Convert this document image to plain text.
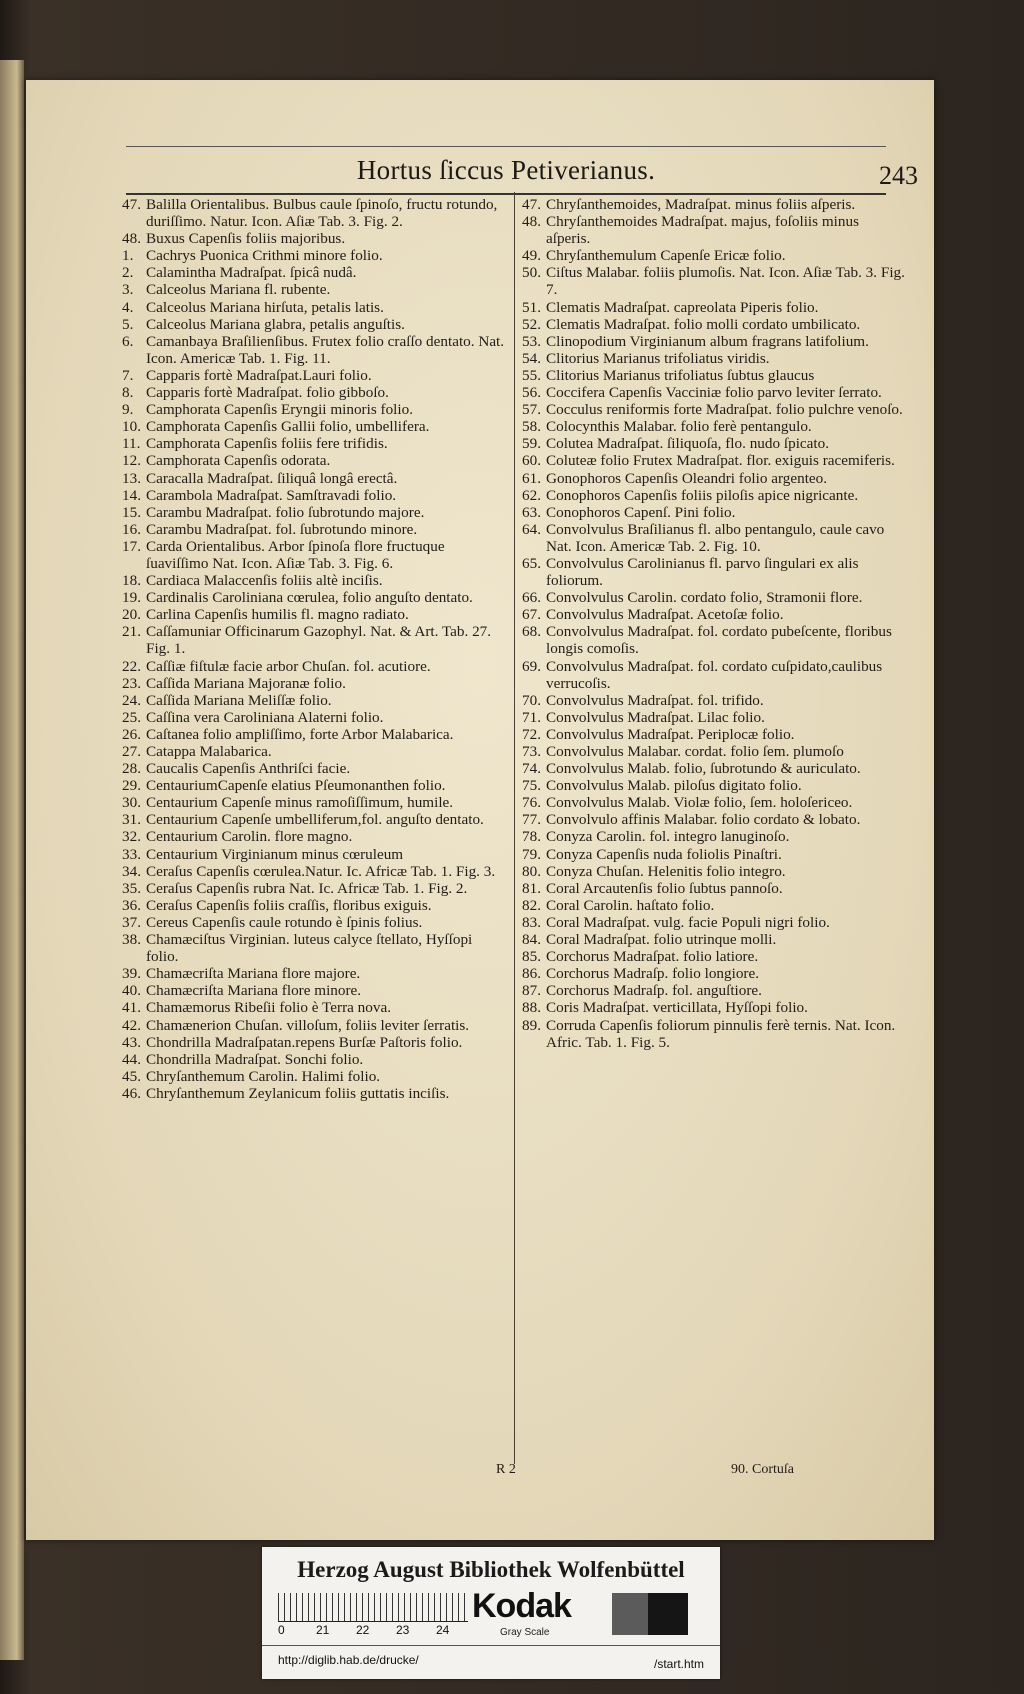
Hortus ſiccus Petiverianus.	243

47. Balilla Orientalibus. Bulbus caule ſpinoſo, fructu rotundo, duriſſimo. Natur. Icon. Aſiæ Tab. 3. Fig. 2.

48. Buxus Capenſis foliis majoribus.

1. Cachrys Puonica Crithmi minore folio.

2. Calamintha Madraſpat. ſpicâ nudâ.

3. Calceolus Mariana fl. rubente.

4. Calceolus Mariana hirſuta, petalis latis.

5. Calceolus Mariana glabra, petalis anguſtis.

6. Camanbaya Braſilienſibus. Frutex folio craſſo dentato. Nat. Icon. Americæ Tab. 1. Fig. 11.

7. Capparis fortè Madraſpat.Lauri folio.

8. Capparis fortè Madraſpat. folio gibboſo.

9. Camphorata Capenſis Eryngii minoris folio.

10. Camphorata Capenſis Gallii folio, umbellifera.

11. Camphorata Capenſis foliis fere trifidis.

12. Camphorata Capenſis odorata.

13. Caracalla Madraſpat. ſiliquâ longâ erectâ.

14. Carambola Madraſpat. Samſtravadi folio.

15. Carambu Madraſpat. folio ſubrotundo majore.

16. Carambu Madraſpat. fol. ſubrotundo minore.

17. Carda Orientalibus. Arbor ſpinoſa flore fructuque ſuaviſſimo Nat. Icon. Aſiæ Tab. 3. Fig. 6.

18. Cardiaca Malaccenſis foliis altè inciſis.

19. Cardinalis Caroliniana cœrulea, folio anguſto dentato.

20. Carlina Capenſis humilis fl. magno radiato.

21. Caſſamuniar Officinarum Gazophyl. Nat. & Art. Tab. 27. Fig. 1.

22. Caſſiæ fiſtulæ facie arbor Chuſan. fol. acutiore.

23. Caſſida Mariana Majoranæ folio.

24. Caſſida Mariana Meliſſæ folio.

25. Caſſina vera Caroliniana Alaterni folio.

26. Caſtanea folio ampliſſimo, forte Arbor Malabarica.

27. Catappa Malabarica.

28. Caucalis Capenſis Anthriſci facie.

29. CentauriumCapenſe elatius Pſeumonanthen folio.

30. Centaurium Capenſe minus ramoſiſſimum, humile.

31. Centaurium Capenſe umbelliferum,fol. anguſto dentato.

32. Centaurium Carolin. flore magno.

33. Centaurium Virginianum minus cœruleum

34. Ceraſus Capenſis cœrulea.Natur. Ic. Africæ Tab. 1. Fig. 3.

35. Ceraſus Capenſis rubra Nat. Ic. Africæ Tab. 1. Fig. 2.

36. Ceraſus Capenſis foliis craſſis, floribus exiguis.

37. Cereus Capenſis caule rotundo è ſpinis folius.

38. Chamæciſtus Virginian. luteus calyce ſtellato, Hyſſopi folio.

39. Chamæcriſta Mariana flore majore.

40. Chamæcriſta Mariana flore minore.

41. Chamæmorus Ribeſii folio è Terra nova.

42. Chamænerion Chuſan. villoſum, foliis leviter ſerratis.

43. Chondrilla Madraſpatan.repens Burſæ Paſtoris folio.

44. Chondrilla Madraſpat. Sonchi folio.

45. Chryſanthemum Carolin. Halimi folio.

46. Chryſanthemum Zeylanicum foliis guttatis inciſis.

47. Chryſanthemoides, Madraſpat. minus foliis aſperis.

48. Chryſanthemoides Madraſpat. majus, foſoliis minus aſperis.

49. Chryſanthemulum Capenſe Ericæ folio.

50. Ciſtus Malabar. foliis plumoſis. Nat. Icon. Aſiæ Tab. 3. Fig. 7.

51. Clematis Madraſpat. capreolata Piperis folio.

52. Clematis Madraſpat. folio molli cordato umbilicato.

53. Clinopodium Virginianum album fragrans latifolium.

54. Clitorius Marianus trifoliatus viridis.

55. Clitorius Marianus trifoliatus ſubtus glaucus

56. Coccifera Capenſis Vacciniæ folio parvo leviter ſerrato.

57. Cocculus reniformis forte Madraſpat. folio pulchre venoſo.

58. Colocynthis Malabar. folio ferè pentangulo.

59. Colutea Madraſpat. ſiliquoſa, flo. nudo ſpicato.

60. Coluteæ folio Frutex Madraſpat. flor. exiguis racemiferis.

61. Gonophoros Capenſis Oleandri folio argenteo.

62. Conophoros Capenſis foliis piloſis apice nigricante.

63. Conophoros Capenſ. Pini folio.

64. Convolvulus Braſilianus fl. albo pentangulo, caule cavo Nat. Icon. Americæ Tab. 2. Fig. 10.

65. Convolvulus Carolinianus fl. parvo ſingulari ex alis foliorum.

66. Convolvulus Carolin. cordato folio, Stramonii flore.

67. Convolvulus Madraſpat. Acetoſæ folio.

68. Convolvulus Madraſpat. fol. cordato pubeſcente, floribus longis comoſis.

69. Convolvulus Madraſpat. fol. cordato cuſpidato,caulibus verrucoſis.

70. Convolvulus Madraſpat. fol. trifido.

71. Convolvulus Madraſpat. Lilac folio.

72. Convolvulus Madraſpat. Periplocæ folio.

73. Convolvulus Malabar. cordat. folio ſem. plumoſo

74. Convolvulus Malab. folio, ſubrotundo & auriculato.

75. Convolvulus Malab. piloſus digitato folio.

76. Convolvulus Malab. Violæ folio, ſem. holoſericeo.

77. Convolvulo affinis Malabar. folio cordato & lobato.

78. Conyza Carolin. fol. integro lanuginoſo.

79. Conyza Capenſis nuda foliolis Pinaſtri.

80. Conyza Chuſan. Helenitis folio integro.

81. Coral Arcautenſis folio ſubtus pannoſo.

82. Coral Carolin. haſtato folio.

83. Coral Madraſpat. vulg. facie Populi nigri folio.

84. Coral Madraſpat. folio utrinque molli.

85. Corchorus Madraſpat. folio latiore.

86. Corchorus Madraſp. folio longiore.

87. Corchorus Madraſp. fol. anguſtiore.

88. Coris Madraſpat. verticillata, Hyſſopi folio.

89. Corruda Capenſis foliorum pinnulis ferè ternis. Nat. Icon. Afric. Tab. 1. Fig. 5.

R 2	90. Cortuſa
Herzog August Bibliothek Wolfenbüttel
0	21 22 23 24
Kodak
Gray Scale
http://diglib.hab.de/drucke/	/start.htm
